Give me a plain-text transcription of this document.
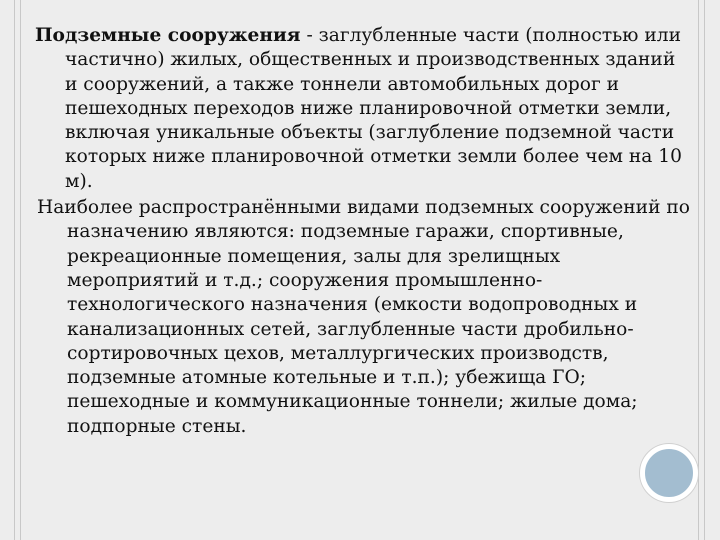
Подземные сооружения - заглубленные части (полностью или частично) жилых, общественных и производственных зданий и сооружений, а также тоннели автомобильных дорог и пешеходных переходов ниже планировочной отметки земли, включая уникальные объекты (заглубление подземной части которых ниже планировочной отметки земли более чем на 10 м).

Наиболее распространёнными видами подземных сооружений по назначению являются: подземные гаражи, спортивные, рекреационные помещения, залы для зрелищных мероприятий и т.д.; сооружения промышленно-технологического назначения (емкости водопроводных и канализационных сетей, заглубленные части дробильно-сортировочных цехов, металлургических производств, подземные атомные котельные и т.п.); убежища ГО; пешеходные и коммуникационные тоннели; жилые дома; подпорные стены.
